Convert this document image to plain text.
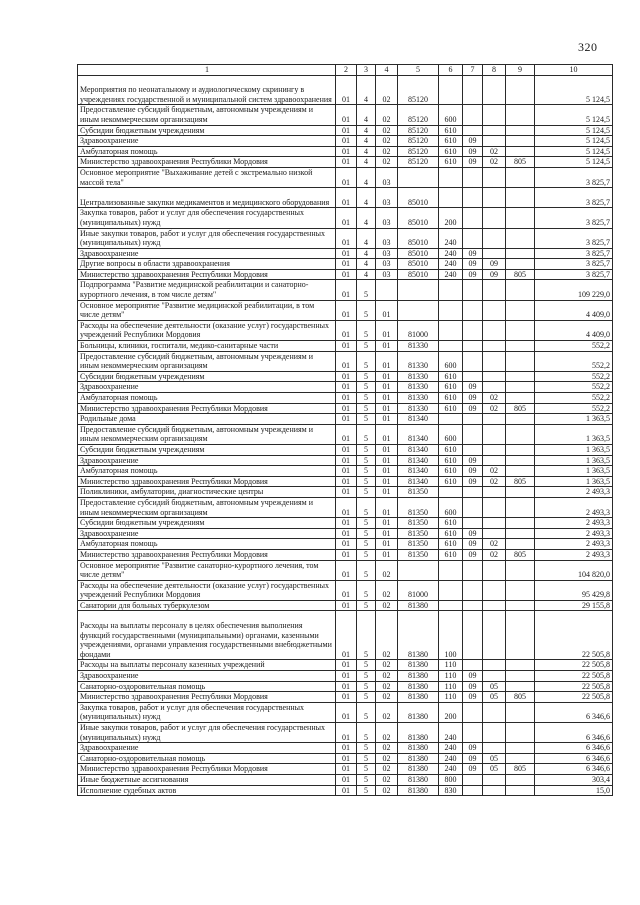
320
1	2	3	4	5	6	7	8	9	10
Мероприятия по неонатальному и аудиологическому скринингу в учреждениях государственной и муниципальной систем здравоохранения	01	4	02	85120					5 124,5
Предоставление субсидий бюджетным, автономным учреждениям и иным некоммерческим организациям	01	4	02	85120	600				5 124,5
Субсидии бюджетным учреждениям	01	4	02	85120	610				5 124,5
Здравоохранение	01	4	02	85120	610	09			5 124,5
Амбулаторная помощь	01	4	02	85120	610	09	02		5 124,5
Министерство здравоохранения Республики Мордовия	01	4	02	85120	610	09	02	805	5 124,5
Основное мероприятие "Выхаживание детей с экстремально низкой массой тела"	01	4	03						3 825,7
Централизованные закупки медикаментов и медицинского оборудования	01	4	03	85010					3 825,7
Закупка товаров, работ и услуг для обеспечения государственных (муниципальных) нужд	01	4	03	85010	200				3 825,7
Иные закупки товаров, работ и услуг для обеспечения государственных (муниципальных) нужд	01	4	03	85010	240				3 825,7
Здравоохранение	01	4	03	85010	240	09			3 825,7
Другие вопросы в области здравоохранения	01	4	03	85010	240	09	09		3 825,7
Министерство здравоохранения Республики Мордовия	01	4	03	85010	240	09	09	805	3 825,7
Подпрограмма "Развитие медицинской реабилитации и санаторно-курортного лечения, в том числе детям"	01	5							109 229,0
Основное мероприятие "Развитие медицинской реабилитации, в том числе детям"	01	5	01						4 409,0
Расходы на обеспечение деятельности (оказание услуг) государственных учреждений Республики Мордовия	01	5	01	81000					4 409,0
Больницы, клиники, госпитали, медико-санитарные части	01	5	01	81330					552,2
Предоставление субсидий бюджетным, автономным учреждениям и иным некоммерческим организациям	01	5	01	81330	600				552,2
Субсидии бюджетным учреждениям	01	5	01	81330	610				552,2
Здравоохранение	01	5	01	81330	610	09			552,2
Амбулаторная помощь	01	5	01	81330	610	09	02		552,2
Министерство здравоохранения Республики Мордовия	01	5	01	81330	610	09	02	805	552,2
Родильные дома	01	5	01	81340					1 363,5
Предоставление субсидий бюджетным, автономным учреждениям и иным некоммерческим организациям	01	5	01	81340	600				1 363,5
Субсидии бюджетным учреждениям	01	5	01	81340	610				1 363,5
Здравоохранение	01	5	01	81340	610	09			1 363,5
Амбулаторная помощь	01	5	01	81340	610	09	02		1 363,5
Министерство здравоохранения Республики Мордовия	01	5	01	81340	610	09	02	805	1 363,5
Поликлиники, амбулатории, диагностические центры	01	5	01	81350					2 493,3
Предоставление субсидий бюджетным, автономным учреждениям и иным некоммерческим организациям	01	5	01	81350	600				2 493,3
Субсидии бюджетным учреждениям	01	5	01	81350	610				2 493,3
Здравоохранение	01	5	01	81350	610	09			2 493,3
Амбулаторная помощь	01	5	01	81350	610	09	02		2 493,3
Министерство здравоохранения Республики Мордовия	01	5	01	81350	610	09	02	805	2 493,3
Основное мероприятие "Развитие санаторно-курортного лечения, том числе детям"	01	5	02						104 820,0
Расходы на обеспечение деятельности (оказание услуг) государственных учреждений Республики Мордовия	01	5	02	81000					95 429,8
Санатории для больных туберкулезом	01	5	02	81380					29 155,8
Расходы на выплаты персоналу в целях обеспечения выполнения функций государственными (муниципальными) органами, казенными учреждениями, органами управления государственными внебюджетными фондами	01	5	02	81380	100				22 505,8
Расходы на выплаты персоналу казенных учреждений	01	5	02	81380	110				22 505,8
Здравоохранение	01	5	02	81380	110	09			22 505,8
Санаторно-оздоровительная помощь	01	5	02	81380	110	09	05		22 505,8
Министерство здравоохранения Республики Мордовия	01	5	02	81380	110	09	05	805	22 505,8
Закупка товаров, работ и услуг для обеспечения государственных (муниципальных) нужд	01	5	02	81380	200				6 346,6
Иные закупки товаров, работ и услуг для обеспечения государственных (муниципальных) нужд	01	5	02	81380	240				6 346,6
Здравоохранение	01	5	02	81380	240	09			6 346,6
Санаторно-оздоровительная помощь	01	5	02	81380	240	09	05		6 346,6
Министерство здравоохранения Республики Мордовия	01	5	02	81380	240	09	05	805	6 346,6
Иные бюджетные ассигнования	01	5	02	81380	800				303,4
Исполнение судебных актов	01	5	02	81380	830				15,0
